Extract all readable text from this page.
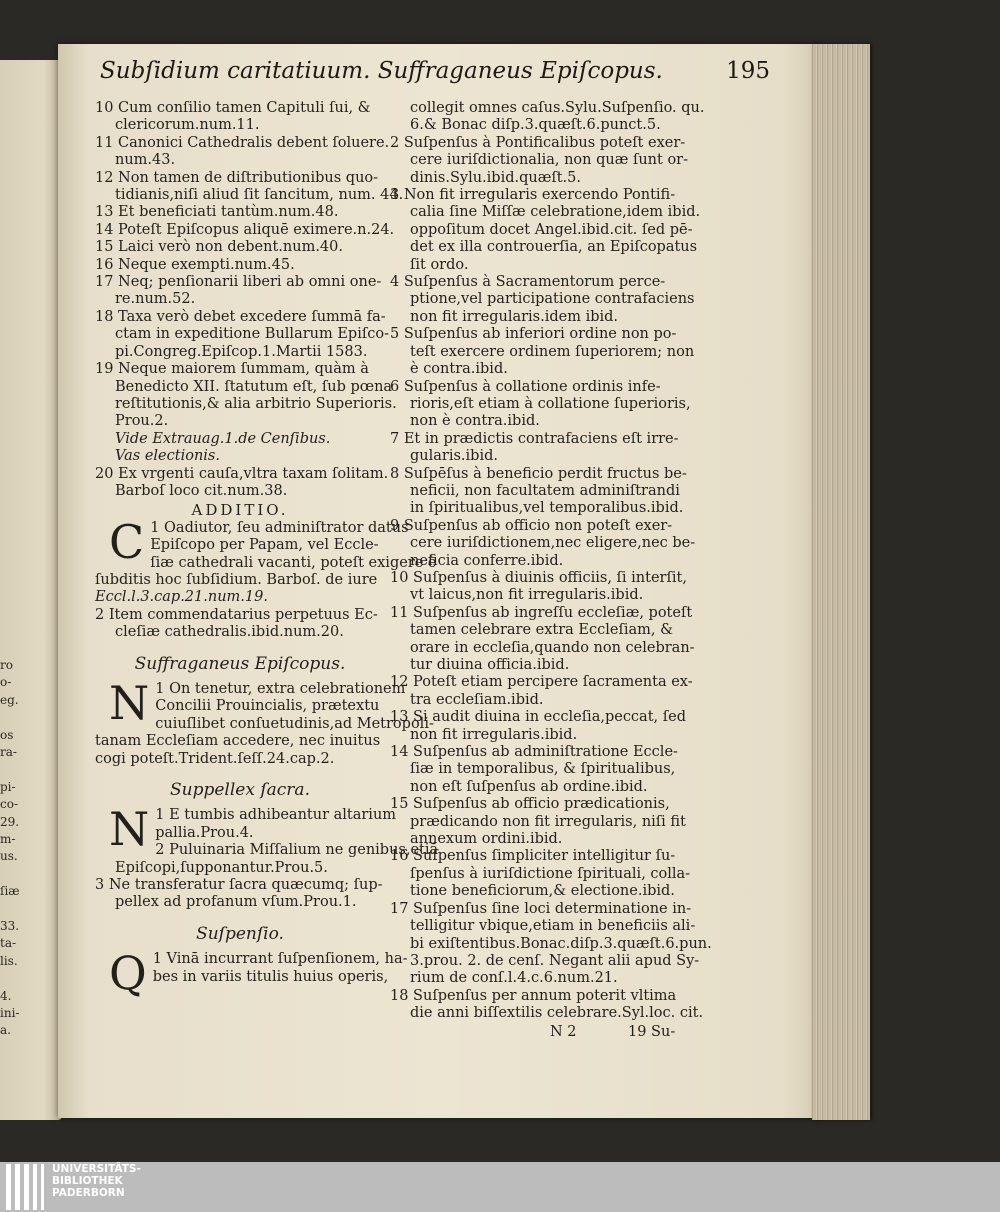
ro
o-
eg.
os
ra-
pi-
co-
29.
m-
us.
ſiæ
33.
ta-
lis.
4.
ini-
a.
Subſidium caritatiuum. Suffraganeus Epiſcopus.	195
10 Cum conſilio tamen Capituli ſui, &
clericorum.num.11.
11 Canonici Cathedralis debent ſoluere.
num.43.
12 Non tamen de diſtributionibus quo-
tidianis,niſi aliud ſit ſancitum, num. 44.
13 Et beneficiati tantùm.num.48.
14 Poteſt Epiſcopus aliquē eximere.n.24.
15 Laici verò non debent.num.40.
16 Neque exempti.num.45.
17 Neq; penſionarii liberi ab omni one-
re.num.52.
18 Taxa verò debet excedere ſummā fa-
ctam in expeditione Bullarum Epiſco-
pi.Congreg.Epiſcop.1.Martii 1583.
19 Neque maiorem ſummam, quàm à
Benedicto XII. ſtatutum eſt, ſub pœna
reſtitutionis,& alia arbitrio Superioris.
Prou.2.
Vide Extrauag.1.de Cenſibus.
Vas electionis.
20 Ex vrgenti cauſa,vltra taxam ſolitam.
Barboſ loco cit.num.38.
ADDITIO.
C 1 Oadiutor, ſeu adminiſtrator datus
Epiſcopo per Papam, vel Eccle-
ſiæ cathedrali vacanti, poteſt exigere è
ſubditis hoc ſubſidium. Barboſ. de iure
Eccl.l.3.cap.21.num.19.
2 Item commendatarius perpetuus Ec-
cleſiæ cathedralis.ibid.num.20.
Suffraganeus Epiſcopus.
N 1 On tenetur, extra celebrationem
Concilii Prouincialis, prætextu
cuiuſlibet conſuetudinis,ad Metropoli-
tanam Eccleſiam accedere, nec inuitus
cogi poteſt.Trident.ſeſſ.24.cap.2.
Suppellex ſacra.
N 1 E tumbis adhibeantur altarium
pallia.Prou.4.
2 Puluinaria Miſſalium ne genibus,etiā
Epiſcopi,ſupponantur.Prou.5.
3 Ne transferatur ſacra quæcumq; ſup-
pellex ad profanum vſum.Prou.1.
Suſpenſio.
Q 1 Vinā incurrant ſuſpenſionem, ha-
bes in variis titulis huius operis,
collegit omnes caſus.Sylu.Suſpenſio. qu.
6.& Bonac diſp.3.quæſt.6.punct.5.
2 Suſpenſus à Pontificalibus poteſt exer-
cere iuriſdictionalia, non quæ ſunt or-
dinis.Sylu.ibid.quæſt.5.
3 Non fit irregularis exercendo Pontifi-
calia ſine Miſſæ celebratione,idem ibid.
oppoſitum docet Angel.ibid.cit. ſed pē-
det ex illa controuerſia, an Epiſcopatus
ſit ordo.
4 Suſpenſus à Sacramentorum perce-
ptione,vel participatione contrafaciens
non fit irregularis.idem ibid.
5 Suſpenſus ab inferiori ordine non po-
teſt exercere ordinem ſuperiorem; non
è contra.ibid.
6 Suſpenſus à collatione ordinis infe-
rioris,eſt etiam à collatione ſuperioris,
non è contra.ibid.
7 Et in prædictis contrafaciens eſt irre-
gularis.ibid.
8 Suſpēſus à beneficio perdit fructus be-
neficii, non facultatem adminiſtrandi
in ſpiritualibus,vel temporalibus.ibid.
9 Suſpenſus ab officio non poteſt exer-
cere iuriſdictionem,nec eligere,nec be-
neficia conferre.ibid.
10 Suſpenſus à diuinis officiis, ſi interſit,
vt laicus,non fit irregularis.ibid.
11 Suſpenſus ab ingreſſu eccleſiæ, poteſt
tamen celebrare extra Eccleſiam, &
orare in eccleſia,quando non celebran-
tur diuina officia.ibid.
12 Poteſt etiam percipere ſacramenta ex-
tra eccleſiam.ibid.
13 Si audit diuina in eccleſia,peccat, ſed
non fit irregularis.ibid.
14 Suſpenſus ab adminiſtratione Eccle-
ſiæ in temporalibus, & ſpiritualibus,
non eſt ſuſpenſus ab ordine.ibid.
15 Suſpenſus ab officio prædicationis,
prædicando non fit irregularis, niſi fit
annexum ordini.ibid.
16 Suſpenſus ſimpliciter intelligitur ſu-
ſpenſus à iuriſdictione ſpirituali, colla-
tione beneficiorum,& electione.ibid.
17 Suſpenſus ſine loci determinatione in-
telligitur vbique,etiam in beneficiis ali-
bi exiſtentibus.Bonac.diſp.3.quæſt.6.pun.
3.prou. 2. de cenſ. Negant alii apud Sy-
rium de conſ.l.4.c.6.num.21.
18 Suſpenſus per annum poterit vltima
die anni biſſextilis celebrare.Syl.loc. cit.
N 2	19 Su-
UNIVERSITÄTS-
BIBLIOTHEK
PADERBORN
